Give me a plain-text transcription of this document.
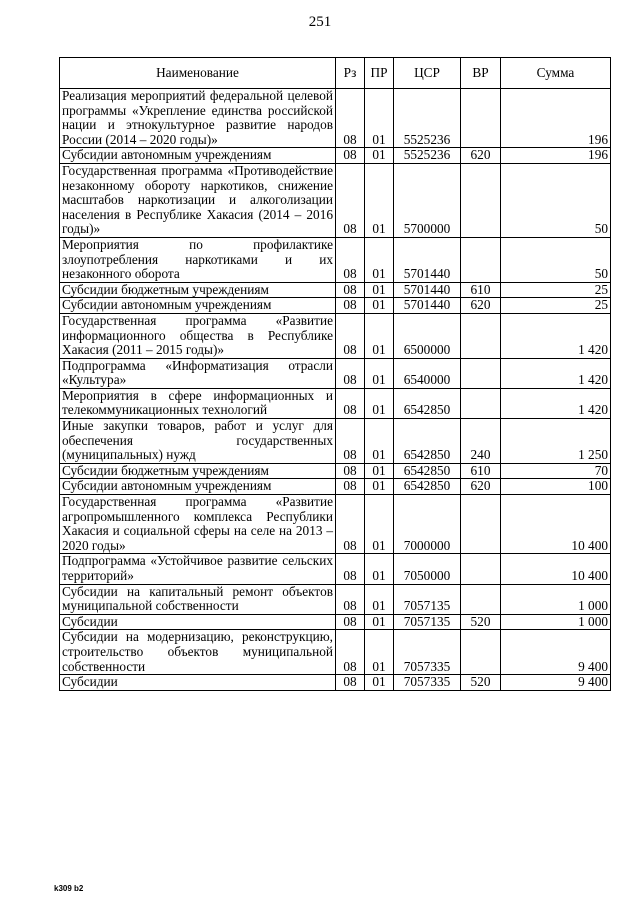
251
Наименование	Рз	ПР	ЦСР	ВР	Сумма
Реализация мероприятий федеральной целевой программы «Укрепление единства российской нации и этнокультурное развитие народов России (2014 – 2020 годы)»	08	01	5525236		196
Субсидии автономным учреждениям	08	01	5525236	620	196
Государственная программа «Противодействие незаконному обороту наркотиков, снижение масштабов наркотизации и алкоголизации населения в Республике Хакасия (2014 – 2016 годы)»	08	01	5700000		50
Мероприятия по профилактике злоупотребления наркотиками и их незаконного оборота	08	01	5701440		50
Субсидии бюджетным учреждениям	08	01	5701440	610	25
Субсидии автономным учреждениям	08	01	5701440	620	25
Государственная программа «Развитие информационного общества в Республике Хакасия (2011 – 2015 годы)»	08	01	6500000		1 420
Подпрограмма «Информатизация отрасли «Культура»	08	01	6540000		1 420
Мероприятия в сфере информационных и телекоммуникационных технологий	08	01	6542850		1 420
Иные закупки товаров, работ и услуг для обеспечения государственных (муниципальных) нужд	08	01	6542850	240	1 250
Субсидии бюджетным учреждениям	08	01	6542850	610	70
Субсидии автономным учреждениям	08	01	6542850	620	100
Государственная программа «Развитие агропромышленного комплекса Республики Хакасия и социальной сферы на селе на 2013 – 2020 годы»	08	01	7000000		10 400
Подпрограмма «Устойчивое развитие сельских территорий»	08	01	7050000		10 400
Субсидии на капитальный ремонт объектов муниципальной собственности	08	01	7057135		1 000
Субсидии	08	01	7057135	520	1 000
Субсидии на модернизацию, реконструкцию, строительство объектов муниципальной собственности	08	01	7057335		9 400
Субсидии	08	01	7057335	520	9 400
k309 b2
